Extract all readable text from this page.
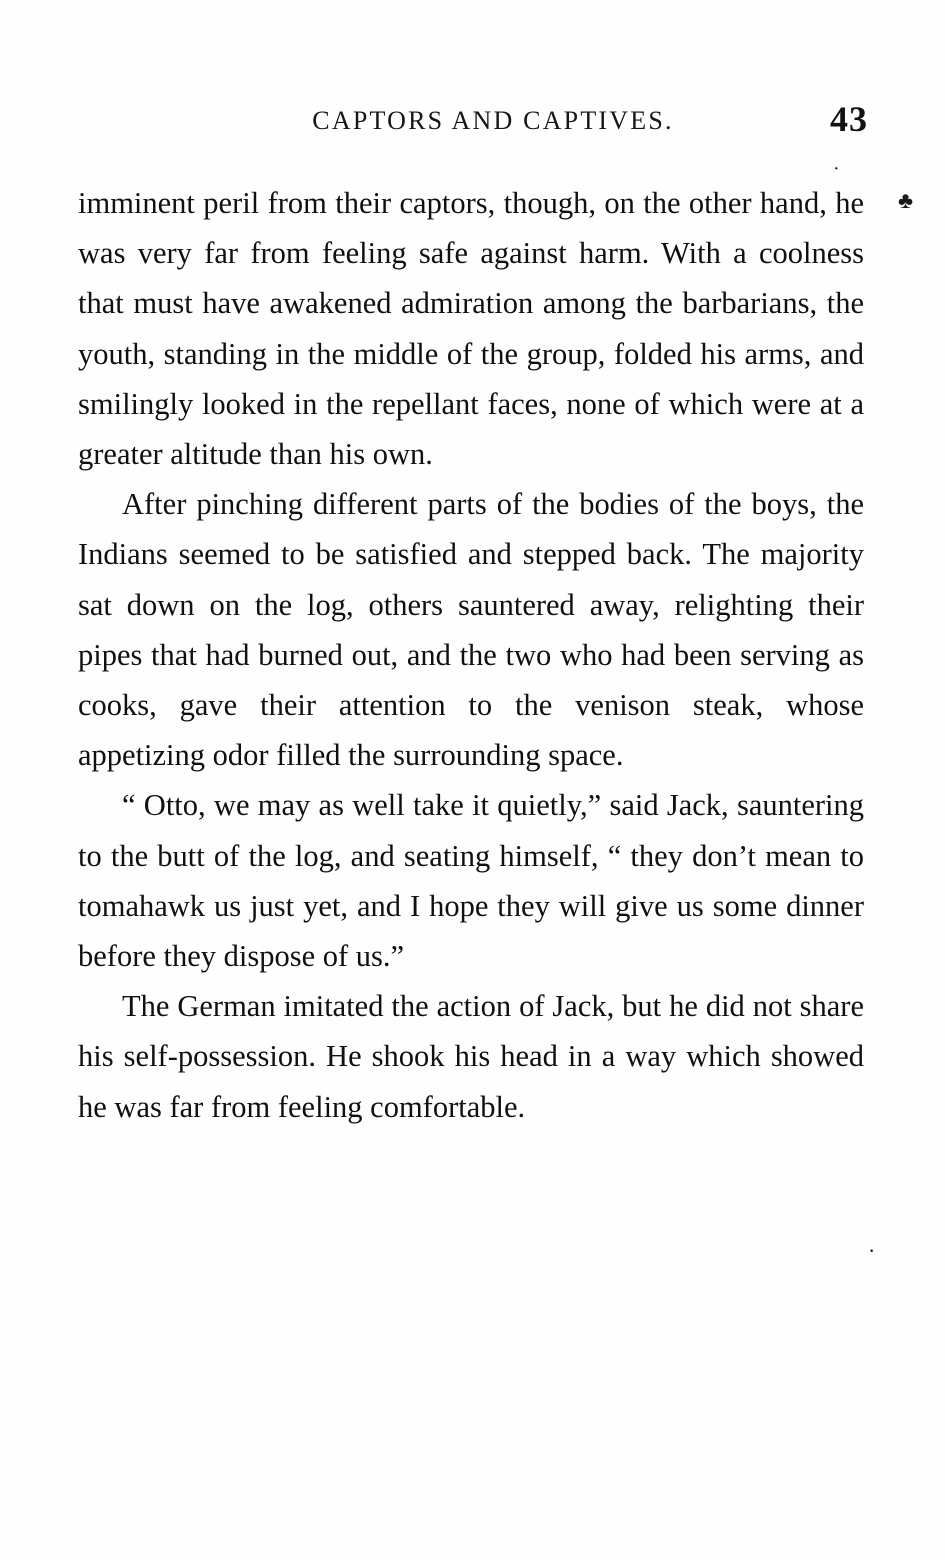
CAPTORS AND CAPTIVES.	43
·
♣
·

imminent peril from their captors, though, on the other hand, he was very far from feeling safe against harm. With a coolness that must have awakened admiration among the barbarians, the youth, standing in the middle of the group, folded his arms, and smilingly looked in the repellant faces, none of which were at a greater altitude than his own.

After pinching different parts of the bodies of the boys, the Indians seemed to be satisfied and stepped back. The majority sat down on the log, others sauntered away, relighting their pipes that had burned out, and the two who had been serving as cooks, gave their attention to the venison steak, whose appetizing odor filled the surrounding space.

“ Otto, we may as well take it quietly,” said Jack, sauntering to the butt of the log, and seating himself, “ they don’t mean to tomahawk us just yet, and I hope they will give us some dinner before they dispose of us.”

The German imitated the action of Jack, but he did not share his self-possession. He shook his head in a way which showed he was far from feeling comfortable.
